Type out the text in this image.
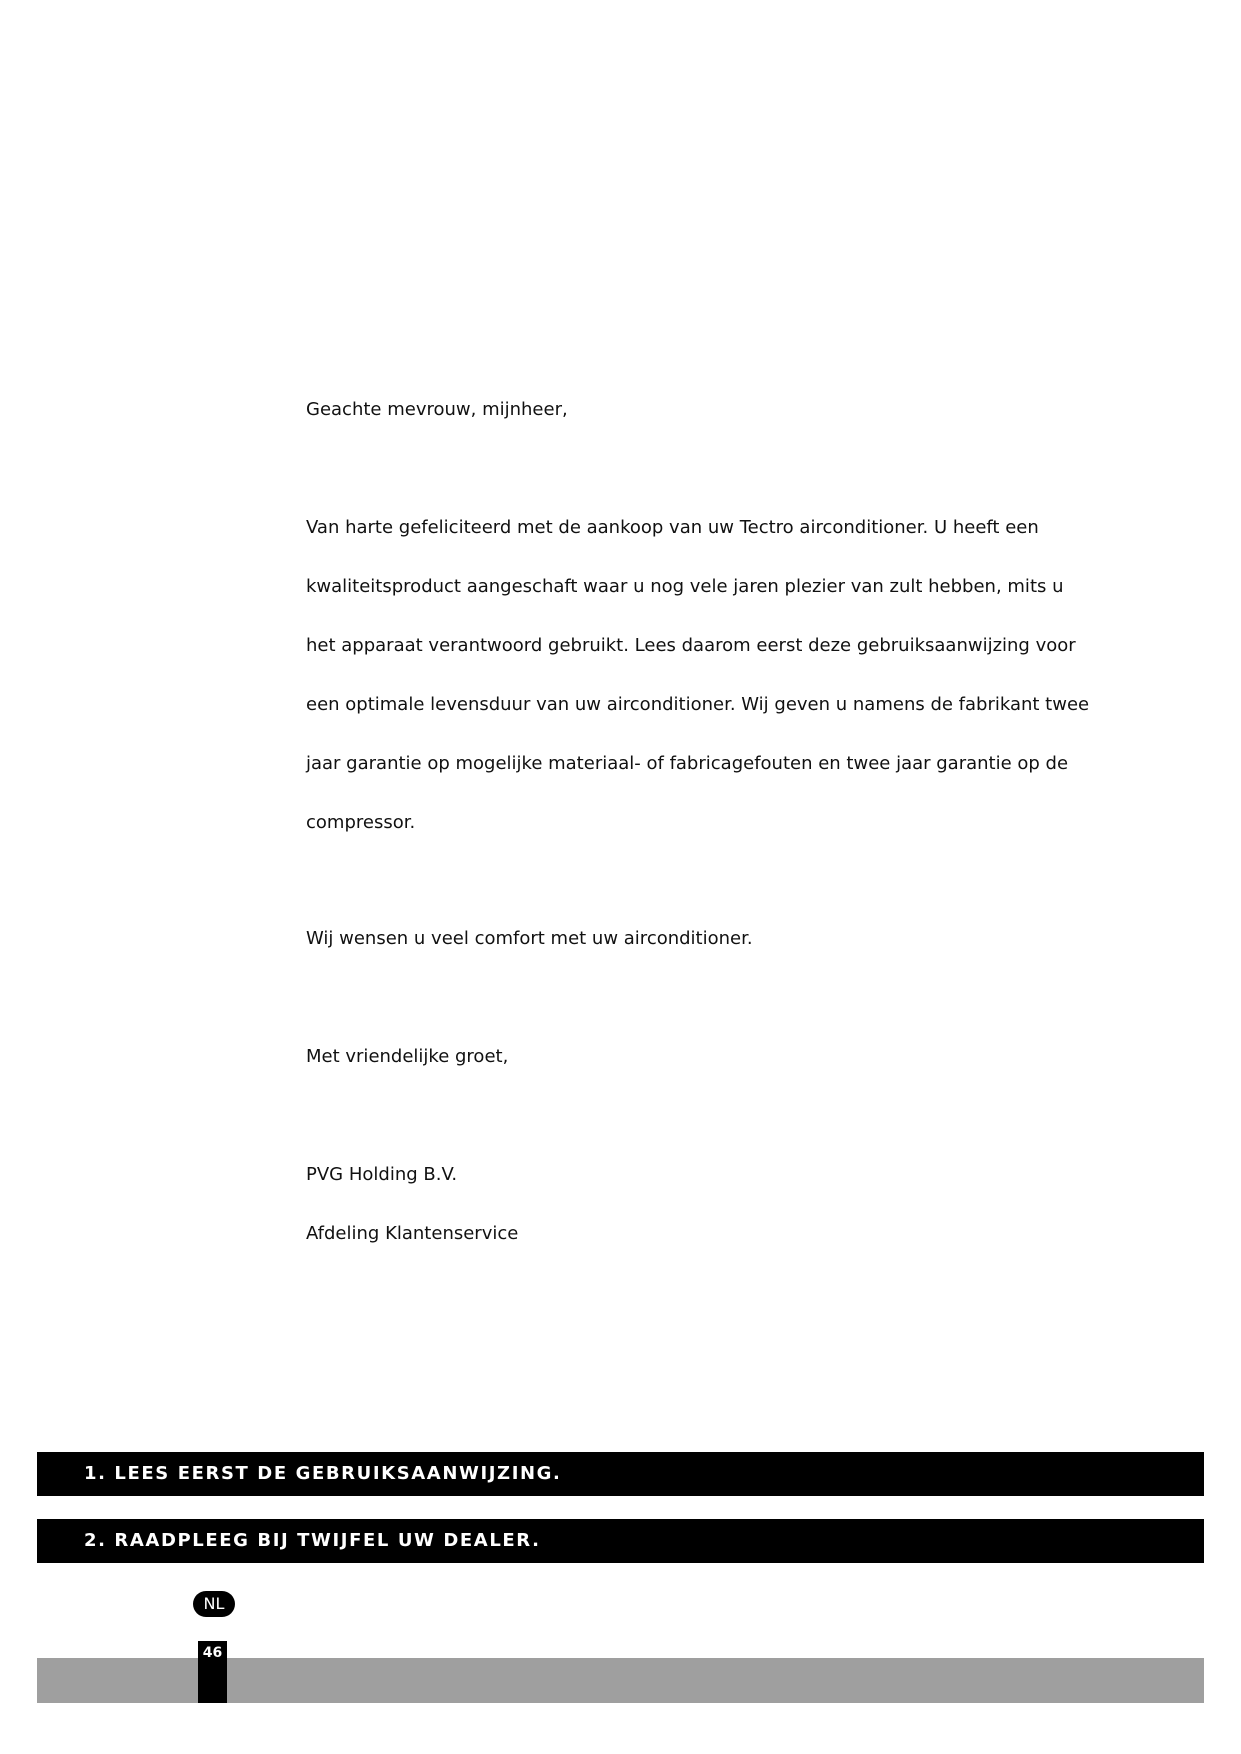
Geachte mevrouw, mijnheer,
Van harte gefeliciteerd met de aankoop van uw Tectro airconditioner. U heeft een
kwaliteitsproduct aangeschaft waar u nog vele jaren plezier van zult hebben, mits u
het apparaat verantwoord gebruikt. Lees daarom eerst deze gebruiksaanwijzing voor
een optimale levensduur van uw airconditioner. Wij geven u namens de fabrikant twee
jaar garantie op mogelijke materiaal- of fabricagefouten en twee jaar garantie op de
compressor.
Wij wensen u veel comfort met uw airconditioner.
Met vriendelijke groet,
PVG Holding B.V.
Afdeling Klantenservice
1. LEES EERST DE GEBRUIKSAANWIJZING.
2. RAADPLEEG BIJ TWIJFEL UW DEALER.
NL
46
